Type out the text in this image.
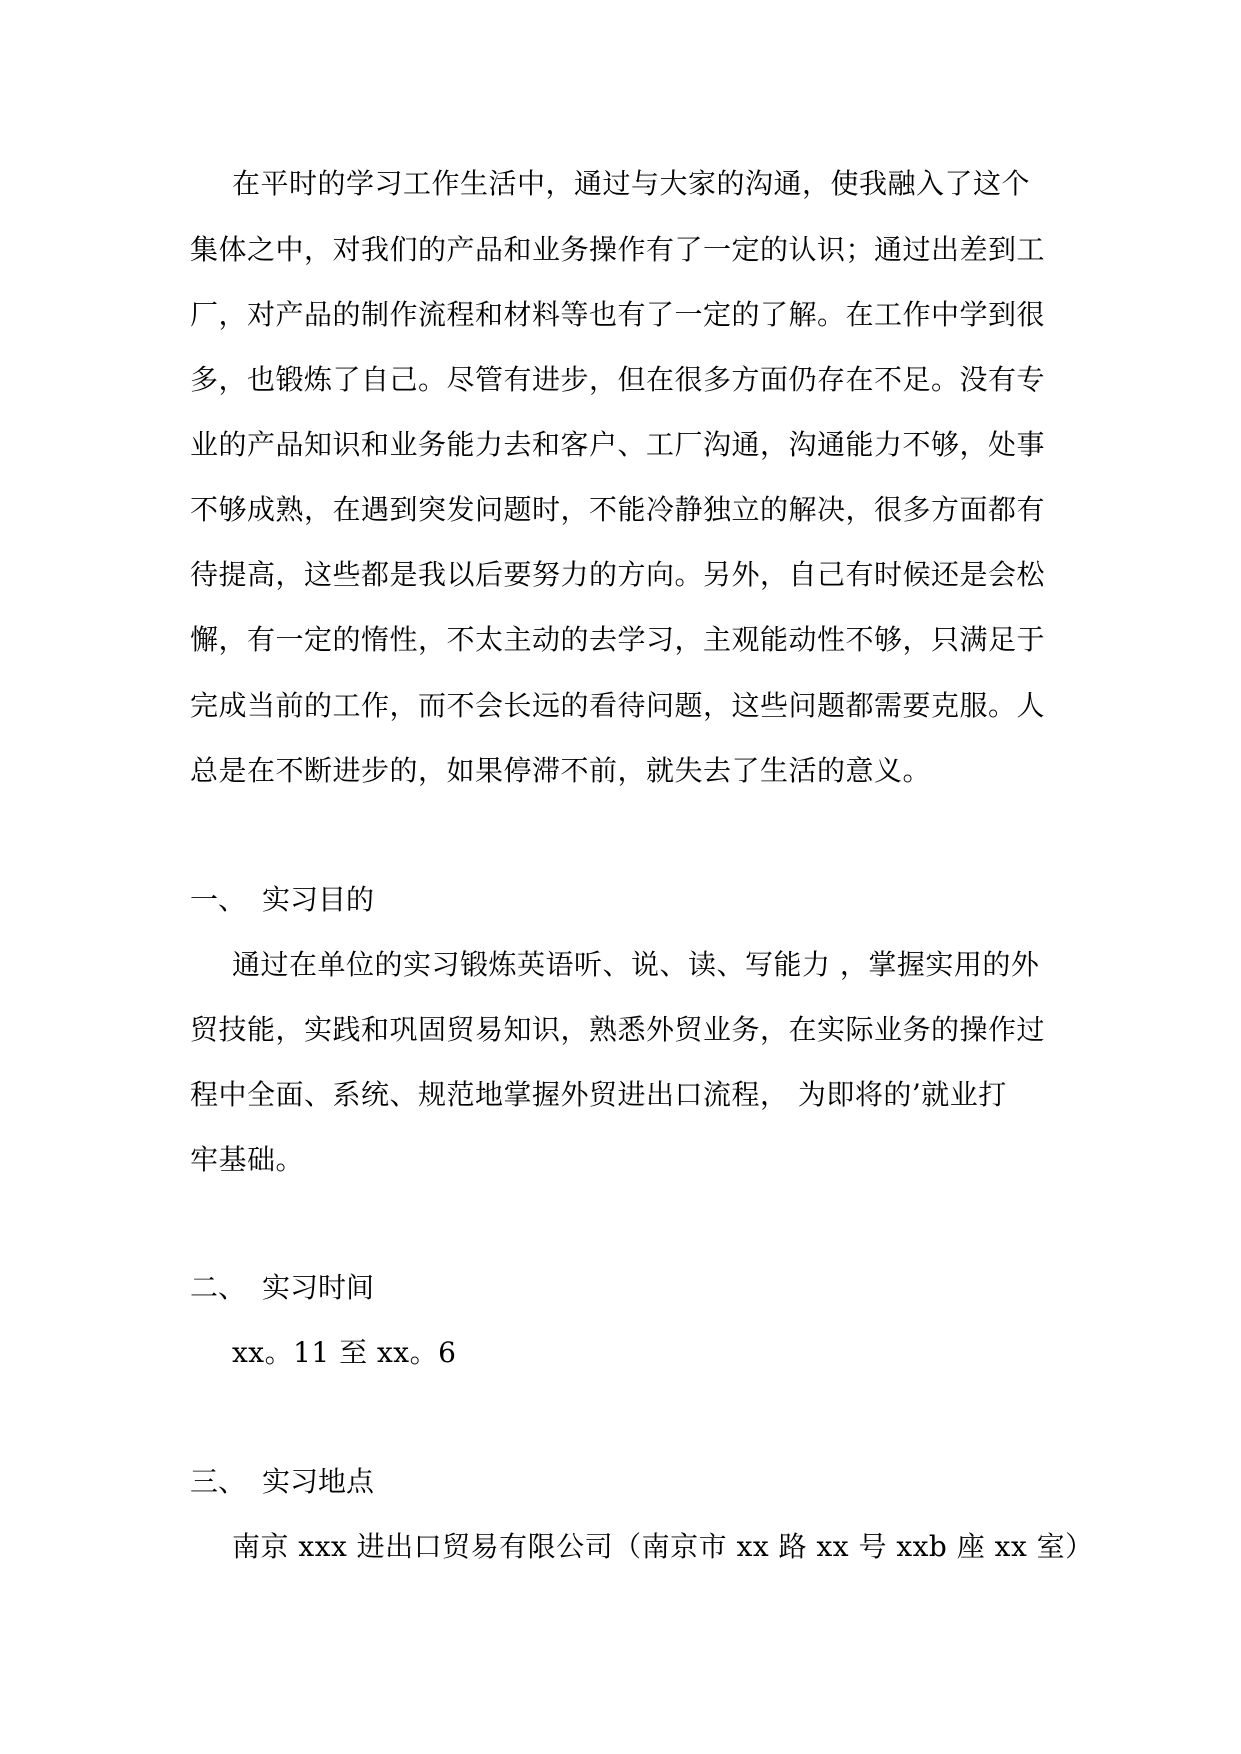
在平时的学习工作生活中，通过与大家的沟通，使我融入了这个
集体之中，对我们的产品和业务操作有了一定的认识；通过出差到工
厂，对产品的制作流程和材料等也有了一定的了解。在工作中学到很
多，也锻炼了自己。尽管有进步，但在很多方面仍存在不足。没有专
业的产品知识和业务能力去和客户、工厂沟通，沟通能力不够，处事
不够成熟，在遇到突发问题时，不能冷静独立的解决，很多方面都有
待提高，这些都是我以后要努力的方向。另外，自己有时候还是会松
懈，有一定的惰性，不太主动的去学习，主观能动性不够，只满足于
完成当前的工作，而不会长远的看待问题，这些问题都需要克服。人
总是在不断进步的，如果停滞不前，就失去了生活的意义。
一、 实习目的
通过在单位的实习锻炼英语听、说、读、写能力 ，掌握实用的外
贸技能，实践和巩固贸易知识，熟悉外贸业务，在实际业务的操作过
程中全面、系统、规范地掌握外贸进出口流程， 为即将的’就业打
牢基础。
二、 实习时间
xx。11 至 xx。6
三、 实习地点
南京 xxx 进出口贸易有限公司（南京市 xx 路 xx 号 xxb 座 xx 室）
